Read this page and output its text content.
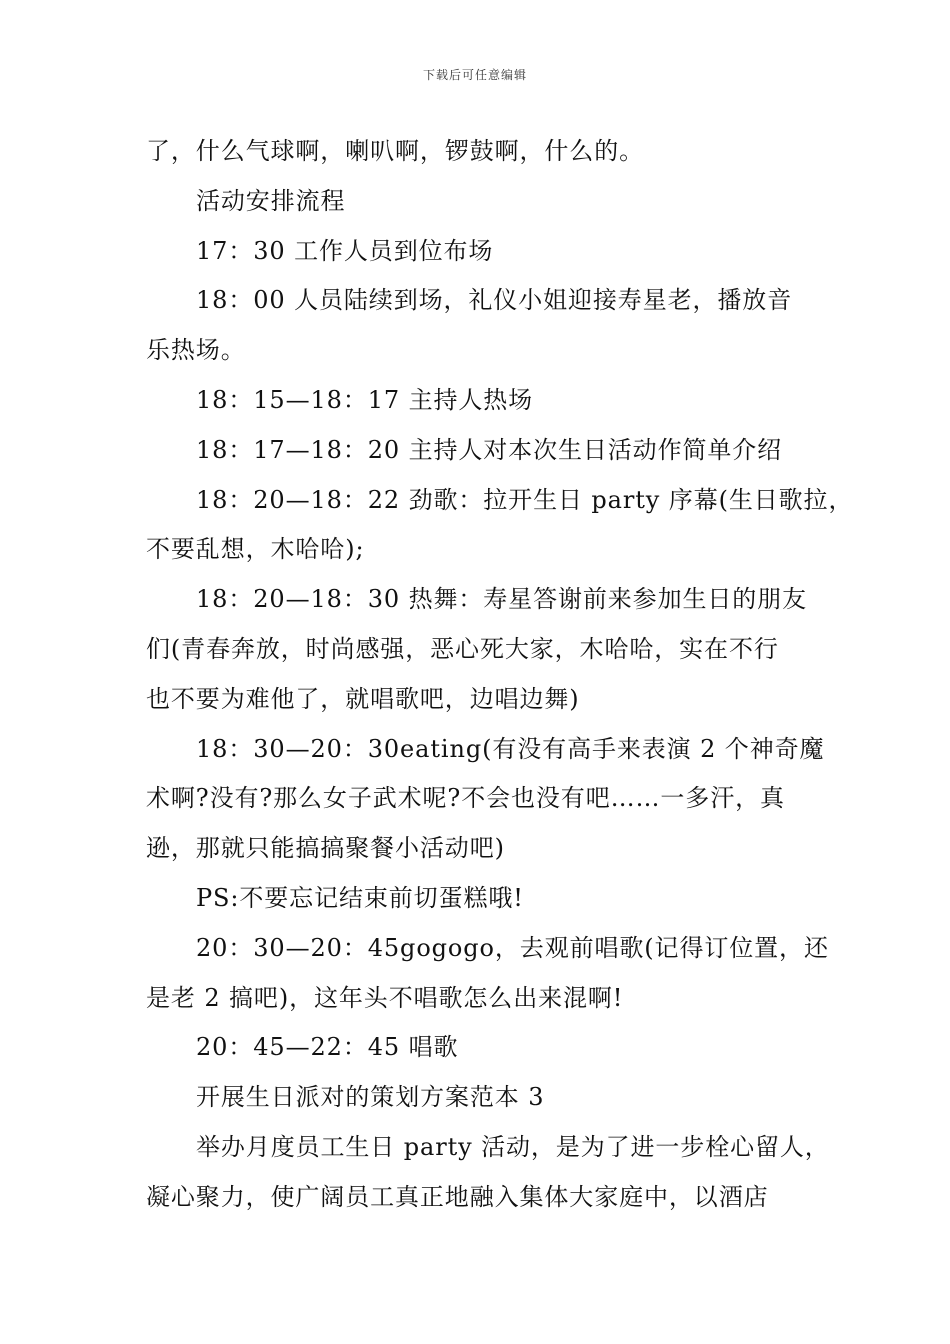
下载后可任意编辑

了，什么气球啊，喇叭啊，锣鼓啊，什么的。

活动安排流程

17：30 工作人员到位布场

18：00 人员陆续到场，礼仪小姐迎接寿星老，播放音

乐热场。

18：15—18：17 主持人热场

18：17—18：20 主持人对本次生日活动作简单介绍

18：20—18：22 劲歌：拉开生日 party 序幕(生日歌拉，

不要乱想，木哈哈);

18：20—18：30 热舞：寿星答谢前来参加生日的朋友

们(青春奔放，时尚感强，恶心死大家，木哈哈，实在不行

也不要为难他了，就唱歌吧，边唱边舞)

18：30—20：30eating(有没有高手来表演 2 个神奇魔

术啊?没有?那么女子武术呢?不会也没有吧……一多汗，真

逊，那就只能搞搞聚餐小活动吧)

PS:不要忘记结束前切蛋糕哦!

20：30—20：45gogogo，去观前唱歌(记得订位置，还

是老 2 搞吧)，这年头不唱歌怎么出来混啊!

20：45—22：45 唱歌

开展生日派对的策划方案范本 3

举办月度员工生日 party 活动，是为了进一步栓心留人，

凝心聚力，使广阔员工真正地融入集体大家庭中，以酒店
